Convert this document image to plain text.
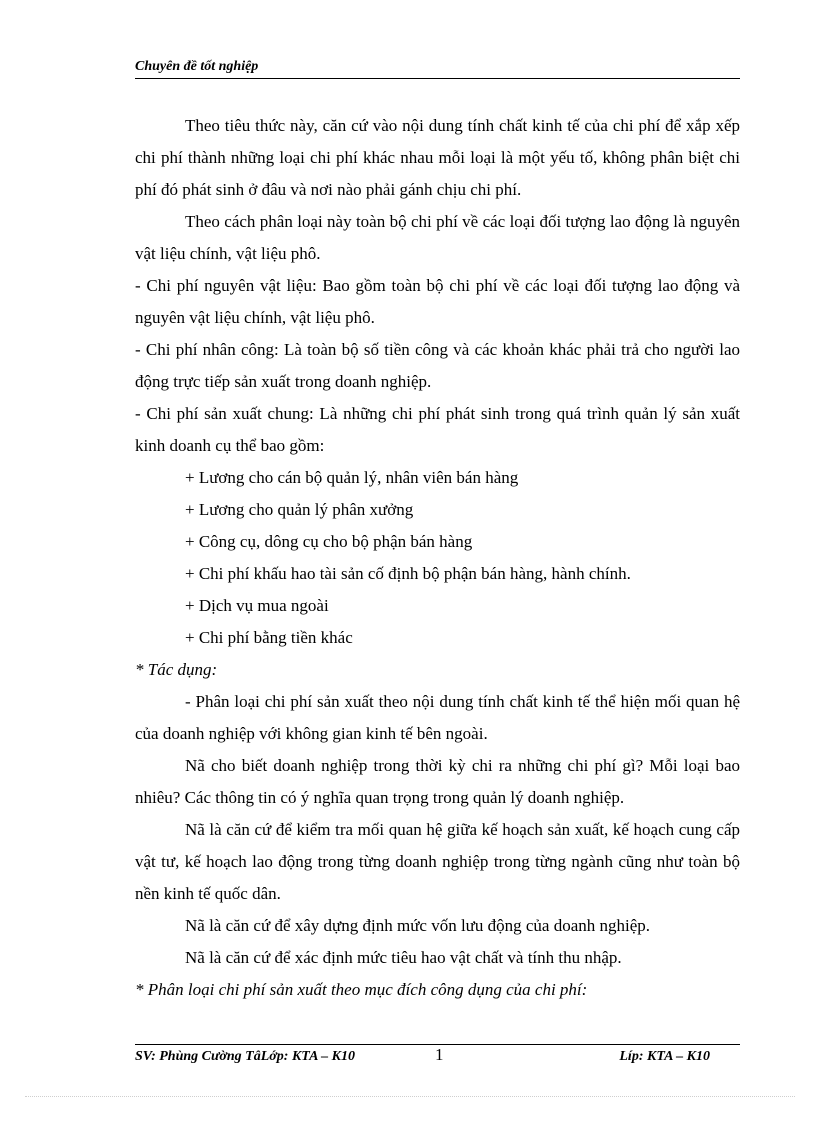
Chuyên đề tốt nghiệp

Theo tiêu thức này, căn cứ vào nội dung tính chất kinh tế của chi phí để xắp xếp chi phí thành những loại chi phí khác nhau mỗi loại là một yếu tố, không phân biệt chi phí đó phát sinh ở đâu và nơi nào phải gánh chịu chi phí.

Theo cách phân loại này toàn bộ chi phí về các loại đối tượng lao động là nguyên vật liệu chính, vật liệu phô.

- Chi phí nguyên vật liệu: Bao gồm toàn bộ chi phí về các loại đối tượng lao động và nguyên vật liệu chính, vật liệu phô.

- Chi phí nhân công: Là toàn bộ số tiền công và các khoản khác phải trả cho người lao động trực tiếp sản xuất trong doanh nghiệp.

- Chi phí sản xuất chung: Là những chi phí phát sinh trong quá trình quản lý sản xuất kinh doanh cụ thể bao gồm:

+ Lương cho cán bộ quản lý, nhân viên bán hàng

+ Lương cho quản lý phân xưởng

+ Công cụ, dông cụ cho bộ phận bán hàng

+ Chi phí khấu hao tài sản cố định bộ phận bán hàng, hành chính.

+ Dịch vụ mua ngoài

+ Chi phí bằng tiền khác

* Tác dụng:

- Phân loại chi phí sản xuất theo nội dung tính chất kinh tế thể hiện mối quan hệ của doanh nghiệp với không gian kinh tế bên ngoài.

Nã cho biết doanh nghiệp trong thời kỳ chi ra những chi phí gì? Mỗi loại bao nhiêu? Các thông tin có ý nghĩa quan trọng trong quản lý doanh nghiệp.

Nã là căn cứ để kiểm tra mối quan hệ giữa kế hoạch sản xuất, kế hoạch cung cấp vật tư, kế hoạch lao động trong từng doanh nghiệp trong từng ngành cũng như toàn bộ nền kinh tế quốc dân.

Nã là căn cứ để xây dựng định mức vốn lưu động của doanh nghiệp.

Nã là căn cứ để xác định mức tiêu hao vật chất và tính thu nhập.

* Phân loại chi phí sản xuất theo mục đích công dụng của chi phí:

SV: Phùng Cường TâLớp: KTA – K10	1	Líp: KTA – K10
